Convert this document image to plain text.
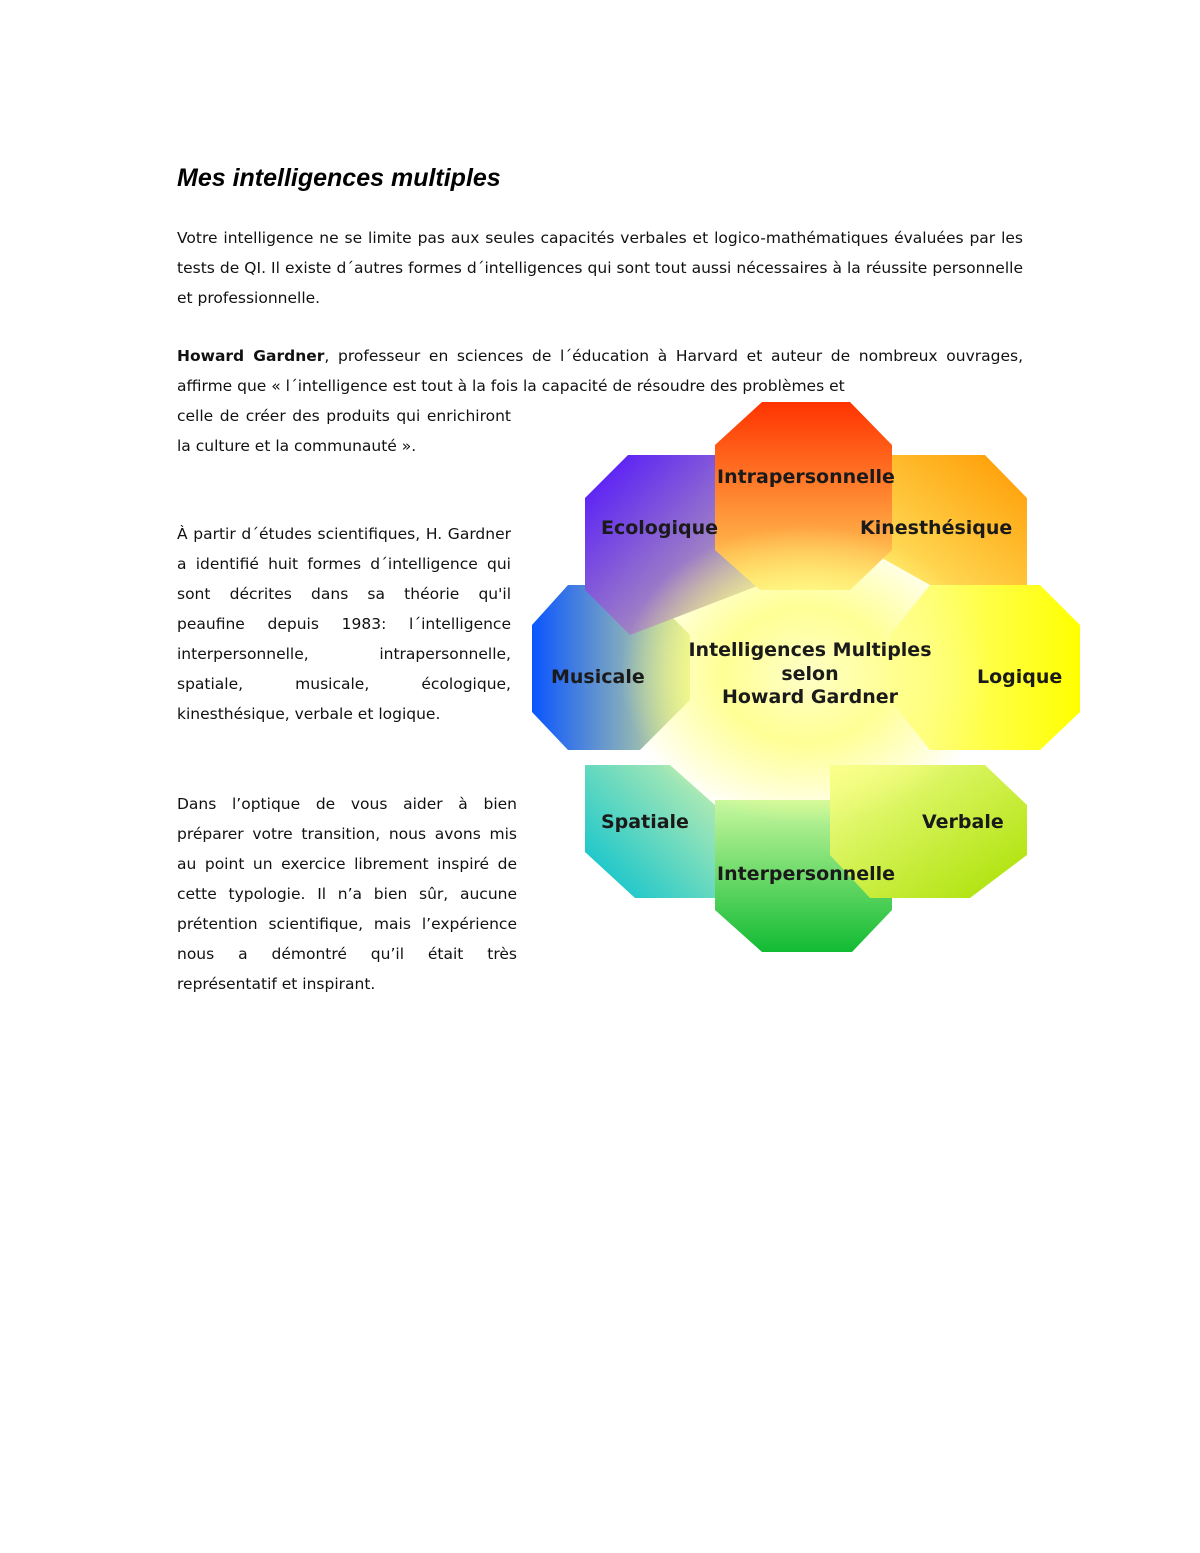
Mes intelligences multiples

Votre intelligence ne se limite pas aux seules capacités verbales et logico-mathématiques évaluées par les tests de QI. Il existe d´autres formes d´intelligences qui sont tout aussi nécessaires à la réussite personnelle et professionnelle.

Howard Gardner, professeur en sciences de l´éducation à Harvard et auteur de nombreux ouvrages, affirme que « l´intelligence est tout à la fois la capacité de résoudre des problèmes et

celle de créer des produits qui enrichiront la culture et la communauté ».

À partir d´études scientifiques, H. Gardner a identifié huit formes d´intelligence qui sont décrites dans sa théorie qu'il peaufine depuis 1983: l´intelligence interpersonnelle, intrapersonnelle, spatiale, musicale, écologique, kinesthésique, verbale et logique.

Dans l’optique de vous aider à bien préparer votre transition, nous avons mis au point un exercice librement inspiré de cette typologie. Il n’a bien sûr, aucune prétention scientifique, mais l’expérience nous a démontré qu’il était très représentatif et inspirant.

Intrapersonnelle
Kinesthésique
Logique
Verbale
Interpersonnelle
Spatiale
Musicale
Ecologique
Intelligences Multiples
selon
Howard Gardner
